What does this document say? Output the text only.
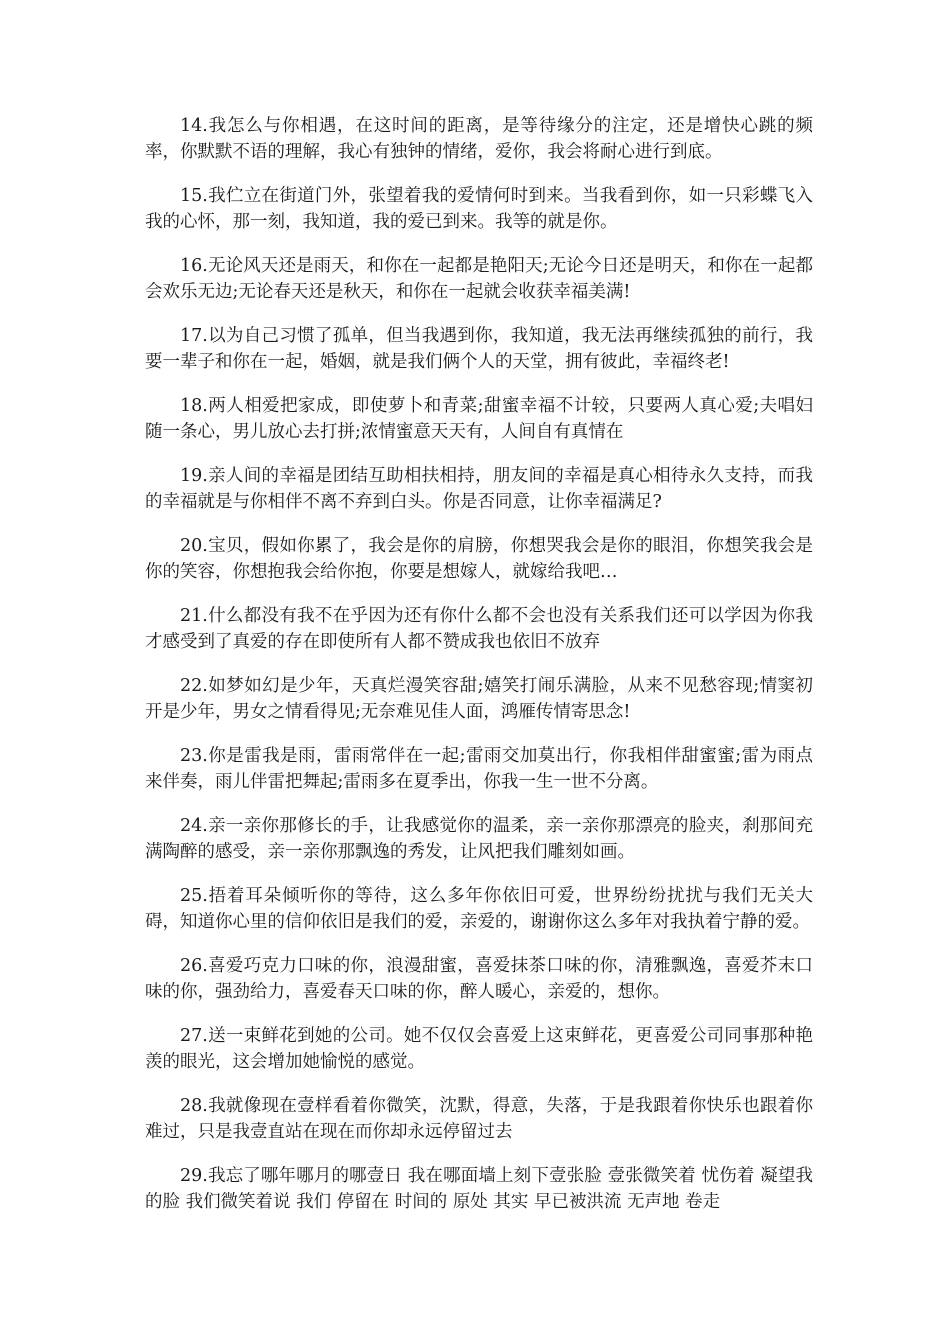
14.我怎么与你相遇，在这时间的距离，是等待缘分的注定，还是增快心跳的频率，你默默不语的理解，我心有独钟的情绪，爱你，我会将耐心进行到底。

15.我伫立在街道门外，张望着我的爱情何时到来。当我看到你，如一只彩蝶飞入我的心怀，那一刻，我知道，我的爱已到来。我等的就是你。

16.无论风天还是雨天，和你在一起都是艳阳天;无论今日还是明天，和你在一起都会欢乐无边;无论春天还是秋天，和你在一起就会收获幸福美满!

17.以为自己习惯了孤单，但当我遇到你，我知道，我无法再继续孤独的前行，我要一辈子和你在一起，婚姻，就是我们俩个人的天堂，拥有彼此，幸福终老!

18.两人相爱把家成，即使萝卜和青菜;甜蜜幸福不计较，只要两人真心爱;夫唱妇随一条心，男儿放心去打拼;浓情蜜意天天有，人间自有真情在

19.亲人间的幸福是团结互助相扶相持，朋友间的幸福是真心相待永久支持，而我的幸福就是与你相伴不离不弃到白头。你是否同意，让你幸福满足?

20.宝贝，假如你累了，我会是你的肩膀，你想哭我会是你的眼泪，你想笑我会是你的笑容，你想抱我会给你抱，你要是想嫁人，就嫁给我吧…

21.什么都没有我不在乎因为还有你什么都不会也没有关系我们还可以学因为你我才感受到了真爱的存在即使所有人都不赞成我也依旧不放弃

22.如梦如幻是少年，天真烂漫笑容甜;嬉笑打闹乐满脸，从来不见愁容现;情窦初开是少年，男女之情看得见;无奈难见佳人面，鸿雁传情寄思念!

23.你是雷我是雨，雷雨常伴在一起;雷雨交加莫出行，你我相伴甜蜜蜜;雷为雨点来伴奏，雨儿伴雷把舞起;雷雨多在夏季出，你我一生一世不分离。

24.亲一亲你那修长的手，让我感觉你的温柔，亲一亲你那漂亮的脸夹，刹那间充满陶醉的感受，亲一亲你那飘逸的秀发，让风把我们雕刻如画。

25.捂着耳朵倾听你的等待，这么多年你依旧可爱，世界纷纷扰扰与我们无关大碍，知道你心里的信仰依旧是我们的爱，亲爱的，谢谢你这么多年对我执着宁静的爱。

26.喜爱巧克力口味的你，浪漫甜蜜，喜爱抹茶口味的你，清雅飘逸，喜爱芥末口味的你，强劲给力，喜爱春天口味的你，醉人暖心，亲爱的，想你。

27.送一束鲜花到她的公司。她不仅仅会喜爱上这束鲜花，更喜爱公司同事那种艳羡的眼光，这会增加她愉悦的感觉。

28.我就像现在壹样看着你微笑，沈默，得意，失落，于是我跟着你快乐也跟着你难过，只是我壹直站在现在而你却永远停留过去

29.我忘了哪年哪月的哪壹日 我在哪面墙上刻下壹张脸 壹张微笑着 忧伤着 凝望我的脸 我们微笑着说 我们 停留在 时间的 原处 其实 早已被洪流 无声地 卷走
